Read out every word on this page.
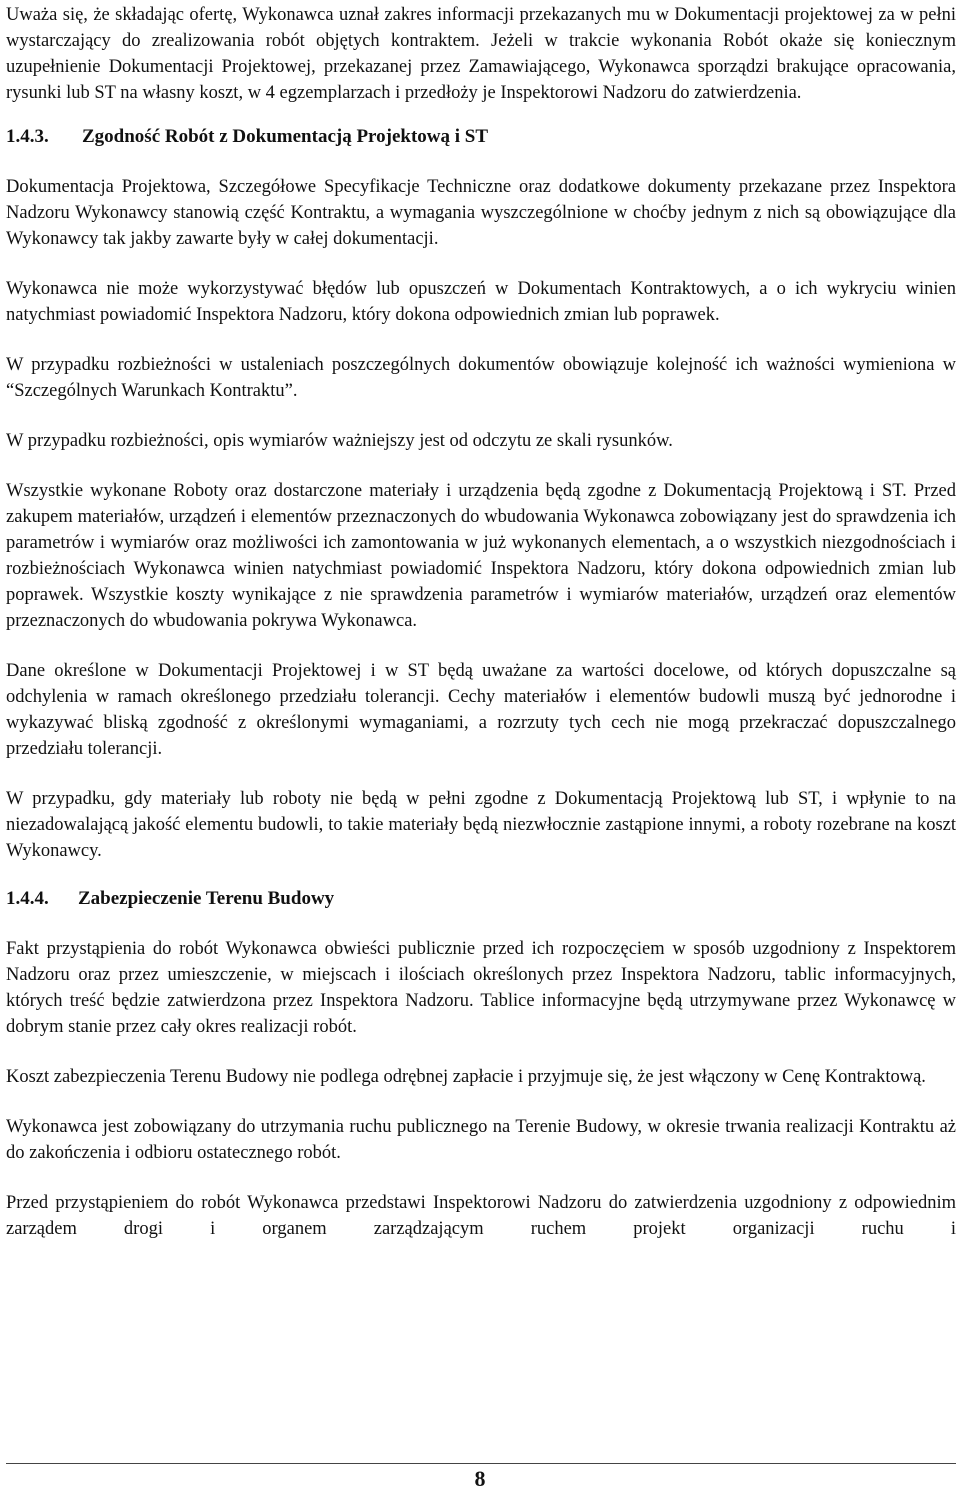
Uważa się, że składając ofertę, Wykonawca uznał zakres informacji przekazanych mu w Dokumentacji projektowej za w pełni wystarczający do zrealizowania robót objętych kontraktem. Jeżeli w trakcie wykonania Robót okaże się koniecznym uzupełnienie Dokumentacji Projektowej, przekazanej przez Zamawiającego, Wykonawca sporządzi brakujące opracowania, rysunki lub ST na własny koszt, w 4 egzemplarzach i przedłoży je Inspektorowi Nadzoru do zatwierdzenia.

1.4.3. Zgodność Robót z Dokumentacją Projektową i ST

Dokumentacja Projektowa, Szczegółowe Specyfikacje Techniczne oraz dodatkowe dokumenty przekazane przez Inspektora Nadzoru Wykonawcy stanowią część Kontraktu, a wymagania wyszczególnione w choćby jednym z nich są obowiązujące dla Wykonawcy tak jakby zawarte były w całej dokumentacji.

Wykonawca nie może wykorzystywać błędów lub opuszczeń w Dokumentach Kontraktowych, a o ich wykryciu winien natychmiast powiadomić Inspektora Nadzoru, który dokona odpowiednich zmian lub poprawek.

W przypadku rozbieżności w ustaleniach poszczególnych dokumentów obowiązuje kolejność ich ważności wymieniona w “Szczególnych Warunkach Kontraktu”.

W przypadku rozbieżności, opis wymiarów ważniejszy jest od odczytu ze skali rysunków.

Wszystkie wykonane Roboty oraz dostarczone materiały i urządzenia będą zgodne z Dokumentacją Projektową i ST. Przed zakupem materiałów, urządzeń i elementów przeznaczonych do wbudowania Wykonawca zobowiązany jest do sprawdzenia ich parametrów i wymiarów oraz możliwości ich zamontowania w już wykonanych elementach, a o wszystkich niezgodnościach i rozbieżnościach Wykonawca winien natychmiast powiadomić Inspektora Nadzoru, który dokona odpowiednich zmian lub poprawek. Wszystkie koszty wynikające z nie sprawdzenia parametrów i wymiarów materiałów, urządzeń oraz elementów przeznaczonych do wbudowania pokrywa Wykonawca.

Dane określone w Dokumentacji Projektowej i w ST będą uważane za wartości docelowe, od których dopuszczalne są odchylenia w ramach określonego przedziału tolerancji. Cechy materiałów i elementów budowli muszą być jednorodne i wykazywać bliską zgodność z określonymi wymaganiami, a rozrzuty tych cech nie mogą przekraczać dopuszczalnego przedziału tolerancji.

W przypadku, gdy materiały lub roboty nie będą w pełni zgodne z Dokumentacją Projektową lub ST, i wpłynie to na niezadowalającą jakość elementu budowli, to takie materiały będą niezwłocznie zastąpione innymi, a roboty rozebrane na koszt Wykonawcy.

1.4.4. Zabezpieczenie Terenu Budowy

Fakt przystąpienia do robót Wykonawca obwieści publicznie przed ich rozpoczęciem w sposób uzgodniony z Inspektorem Nadzoru oraz przez umieszczenie, w miejscach i ilościach określonych przez Inspektora Nadzoru, tablic informacyjnych, których treść będzie zatwierdzona przez Inspektora Nadzoru. Tablice informacyjne będą utrzymywane przez Wykonawcę w dobrym stanie przez cały okres realizacji robót.

Koszt zabezpieczenia Terenu Budowy nie podlega odrębnej zapłacie i przyjmuje się, że jest włączony w Cenę Kontraktową.

Wykonawca jest zobowiązany do utrzymania ruchu publicznego na Terenie Budowy, w okresie trwania realizacji Kontraktu aż do zakończenia i odbioru ostatecznego robót.

Przed przystąpieniem do robót Wykonawca przedstawi Inspektorowi Nadzoru do zatwierdzenia uzgodniony z odpowiednim zarządem drogi i organem zarządzającym ruchem projekt organizacji ruchu i

8
